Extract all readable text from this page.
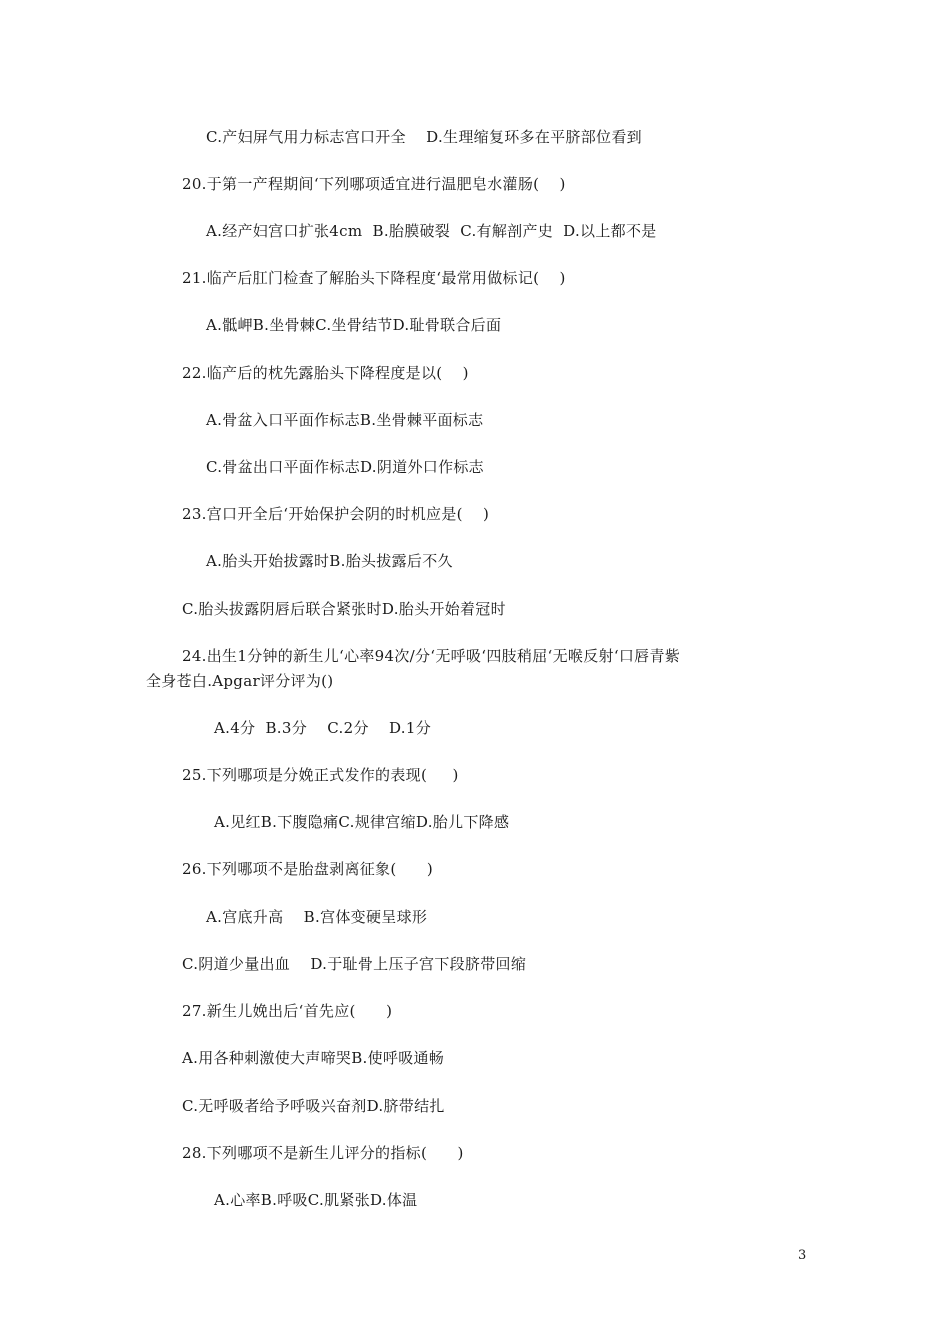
C.产妇屏气用力标志宫口开全    D.生理缩复环多在平脐部位看到
20.于第一产程期间‘下列哪项适宜进行温肥皂水灌肠(    )
A.经产妇宫口扩张4cm  B.胎膜破裂  C.有解剖产史  D.以上都不是
21.临产后肛门检查了解胎头下降程度‘最常用做标记(    )
A.骶岬B.坐骨棘C.坐骨结节D.耻骨联合后面
22.临产后的枕先露胎头下降程度是以(    )
A.骨盆入口平面作标志B.坐骨棘平面标志
C.骨盆出口平面作标志D.阴道外口作标志
23.宫口开全后‘开始保护会阴的时机应是(    )
A.胎头开始拔露时B.胎头拔露后不久
C.胎头拔露阴唇后联合紧张时D.胎头开始着冠时
24.出生1分钟的新生儿‘心率94次/分‘无呼吸‘四肢稍屈‘无喉反射‘口唇青紫
全身苍白.Apgar评分评为()
A.4分  B.3分    C.2分    D.1分
25.下列哪项是分娩正式发作的表现(     )
A.见红B.下腹隐痛C.规律宫缩D.胎儿下降感
26.下列哪项不是胎盘剥离征象(      )
A.宫底升高    B.宫体变硬呈球形
C.阴道少量出血    D.于耻骨上压子宫下段脐带回缩
27.新生儿娩出后‘首先应(      )
A.用各种刺激使大声啼哭B.使呼吸通畅
C.无呼吸者给予呼吸兴奋剂D.脐带结扎
28.下列哪项不是新生儿评分的指标(      )
A.心率B.呼吸C.肌紧张D.体温
3
